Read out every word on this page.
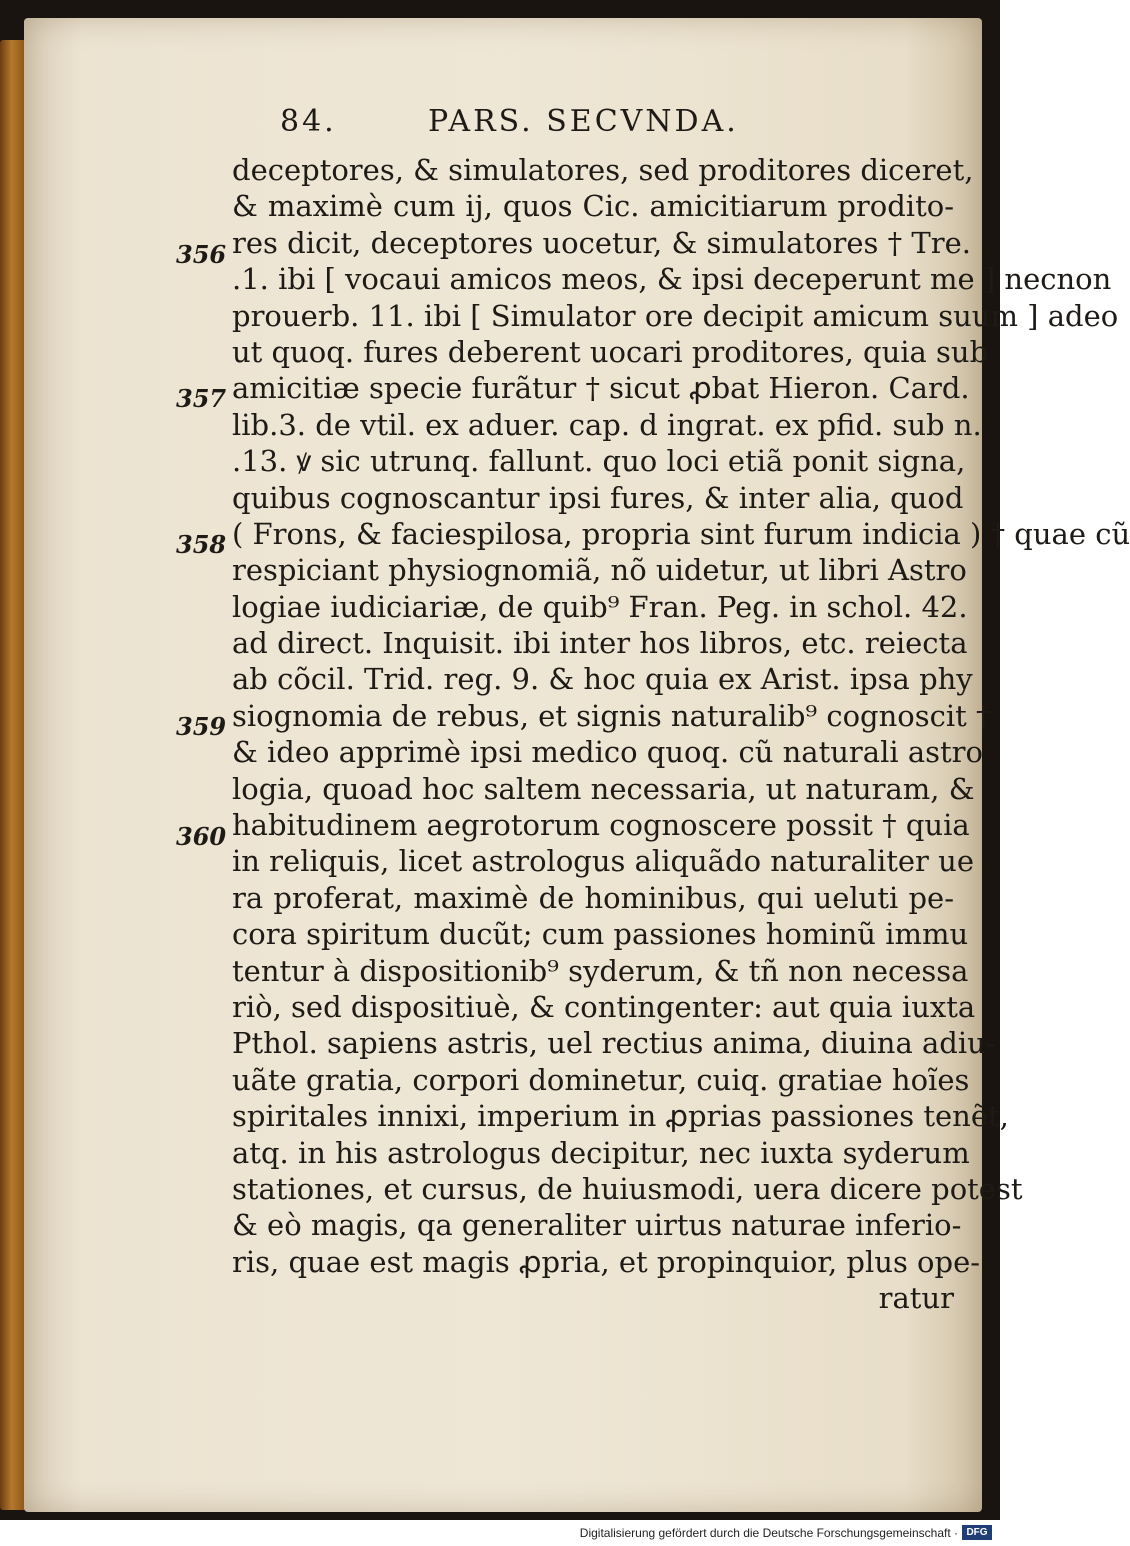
84.	PARS. SECVNDA.
356
357
358
359
360
deceptores, & simulatores, sed proditores diceret,
& maximè cum ij, quos Cic. amicitiarum prodito-
res dicit, deceptores uocetur, & simulatores † Tre.
.1. ibi [ vocaui amicos meos, & ipsi deceperunt me ] necnon
prouerb. 11. ibi [ Simulator ore decipit amicum suum ] adeo
ut quoq. fures deberent uocari proditores, quia sub
amicitiæ specie furãtur † sicut ꝓbat Hieron. Card.
lib.3. de vtil. ex aduer. cap. d ingrat. ex pfid. sub n.
.13. ꝟ sic utrunq. fallunt. quo loci etiã ponit signa,
quibus cognoscantur ipsi fures, & inter alia, quod
( Frons, & faciespilosa, propria sint furum indicia ) † quae cũ
respiciant physiognomiã, nõ uidetur, ut libri Astro
logiae iudiciariæ, de quib⁹ Fran. Peg. in schol. 42.
ad direct. Inquisit. ibi inter hos libros, etc. reiecta
ab cõcil. Trid. reg. 9. & hoc quia ex Arist. ipsa phy
siognomia de rebus, et signis naturalib⁹ cognoscit †
& ideo apprimè ipsi medico quoq. cũ naturali astro
logia, quoad hoc saltem necessaria, ut naturam, &
habitudinem aegrotorum cognoscere possit † quia
in reliquis, licet astrologus aliquãdo naturaliter ue
ra proferat, maximè de hominibus, qui ueluti pe-
cora spiritum ducũt; cum passiones hominũ immu
tentur à dispositionib⁹ syderum, & tñ non necessa
riò, sed dispositiuè, & contingenter: aut quia iuxta
Pthol. sapiens astris, uel rectius anima, diuina adiu-
uãte gratia, corpori dominetur, cuiq. gratiae hoĩes
spiritales innixi, imperium in ꝓprias passiones tenẽt,
atq. in his astrologus decipitur, nec iuxta syderum
stationes, et cursus, de huiusmodi, uera dicere potest
& eò magis, qa generaliter uirtus naturae inferio-
ris, quae est magis ꝓpria, et propinquior, plus ope-
ratur
Digitalisierung gefördert durch die Deutsche Forschungsgemeinschaft · DFG
